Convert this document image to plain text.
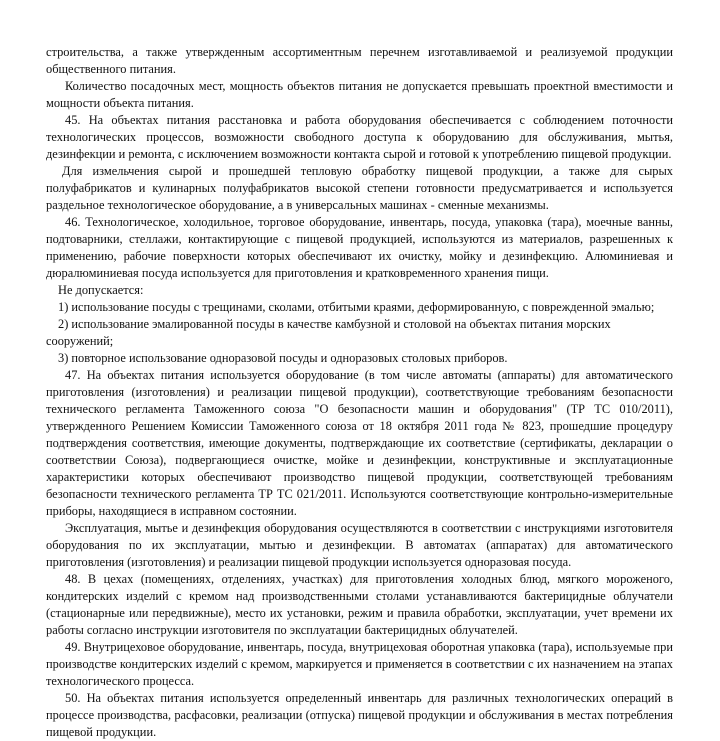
строительства, а также утвержденным ассортиментным перечнем изготавливаемой и реализуемой продукции общественного питания.

Количество посадочных мест, мощность объектов питания не допускается превышать проектной вместимости и мощности объекта питания.

45. На объектах питания расстановка и работа оборудования обеспечивается с соблюдением поточности технологических процессов, возможности свободного доступа к оборудованию для обслуживания, мытья, дезинфекции и ремонта, с исключением возможности контакта сырой и готовой к употреблению пищевой продукции.

Для измельчения сырой и прошедшей тепловую обработку пищевой продукции, а также для сырых полуфабрикатов и кулинарных полуфабрикатов высокой степени готовности предусматривается и используется раздельное технологическое оборудование, а в универсальных машинах - сменные механизмы.

46. Технологическое, холодильное, торговое оборудование, инвентарь, посуда, упаковка (тара), моечные ванны, подтоварники, стеллажи, контактирующие с пищевой продукцией, используются из материалов, разрешенных к применению, рабочие поверхности которых обеспечивают их очистку, мойку и дезинфекцию. Алюминиевая и дюралюминиевая посуда используется для приготовления и кратковременного хранения пищи.

Не допускается:

1) использование посуды с трещинами, сколами, отбитыми краями, деформированную, с поврежденной эмалью;

2) использование эмалированной посуды в качестве камбузной и столовой на объектах питания морских сооружений;

3) повторное использование одноразовой посуды и одноразовых столовых приборов.

47. На объектах питания используется оборудование (в том числе автоматы (аппараты) для автоматического приготовления (изготовления) и реализации пищевой продукции), соответствующие требованиям безопасности технического регламента Таможенного союза "О безопасности машин и оборудования" (ТР ТС 010/2011), утвержденного Решением Комиссии Таможенного союза от 18 октября 2011 года № 823, прошедшие процедуру подтверждения соответствия, имеющие документы, подтверждающие их соответствие (сертификаты, декларации о соответствии Союза), подвергающиеся очистке, мойке и дезинфекции, конструктивные и эксплуатационные характеристики которых обеспечивают производство пищевой продукции, соответствующей требованиям безопасности технического регламента ТР ТС 021/2011. Используются соответствующие контрольно-измерительные приборы, находящиеся в исправном состоянии.

Эксплуатация, мытье и дезинфекция оборудования осуществляются в соответствии с инструкциями изготовителя оборудования по их эксплуатации, мытью и дезинфекции. В автоматах (аппаратах) для автоматического приготовления (изготовления) и реализации пищевой продукции используется одноразовая посуда.

48. В цехах (помещениях, отделениях, участках) для приготовления холодных блюд, мягкого мороженого, кондитерских изделий с кремом над производственными столами устанавливаются бактерицидные облучатели (стационарные или передвижные), место их установки, режим и правила обработки, эксплуатации, учет времени их работы согласно инструкции изготовителя по эксплуатации бактерицидных облучателей.

49. Внутрицеховое оборудование, инвентарь, посуда, внутрицеховая оборотная упаковка (тара), используемые при производстве кондитерских изделий с кремом, маркируется и применяется в соответствии с их назначением на этапах технологического процесса.

50. На объектах питания используется определенный инвентарь для различных технологических операций в процессе производства, расфасовки, реализации (отпуска) пищевой продукции и обслуживания в местах потребления пищевой продукции.
